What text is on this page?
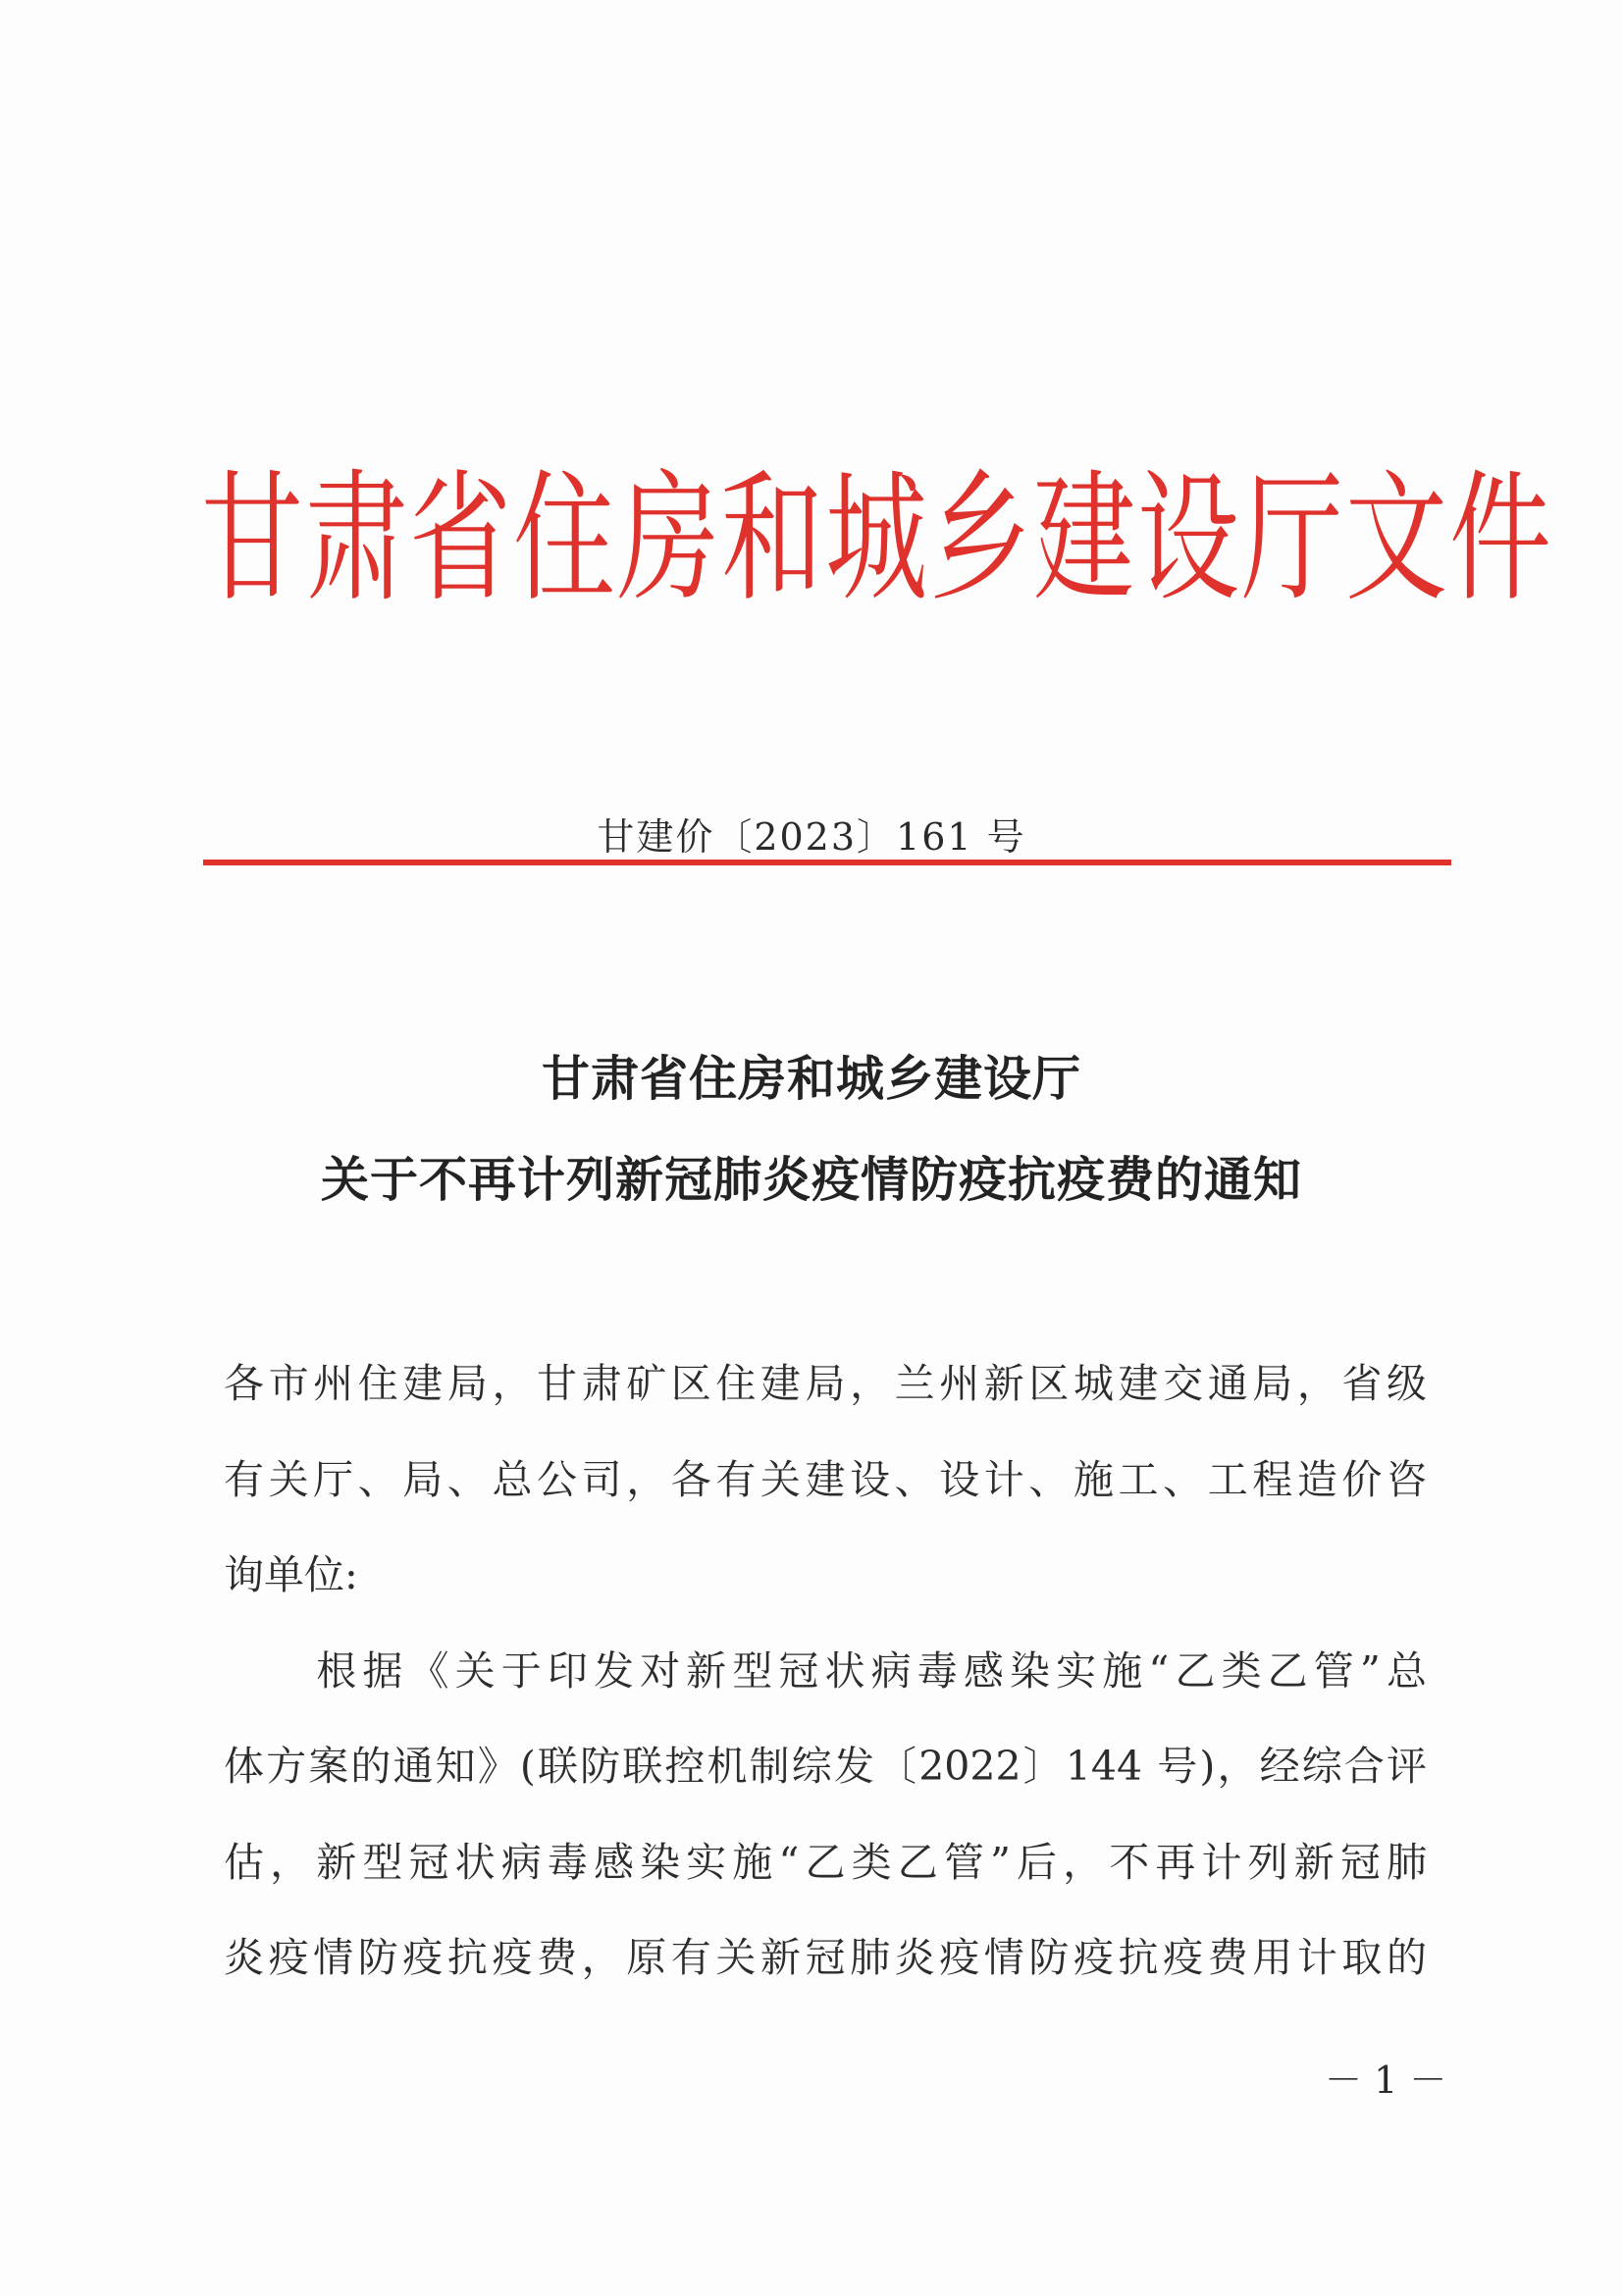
甘肃省住房和城乡建设厅文件
甘建价〔2023〕161 号
甘肃省住房和城乡建设厅
关于不再计列新冠肺炎疫情防疫抗疫费的通知
各市州住建局，甘肃矿区住建局，兰州新区城建交通局，省级
有关厅、局、总公司，各有关建设、设计、施工、工程造价咨
询单位:
　　根据《关于印发对新型冠状病毒感染实施“乙类乙管”总
体方案的通知》(联防联控机制综发〔2022〕144 号)，经综合评
估，新型冠状病毒感染实施“乙类乙管”后，不再计列新冠肺
炎疫情防疫抗疫费，原有关新冠肺炎疫情防疫抗疫费用计取的
－ 1 －
